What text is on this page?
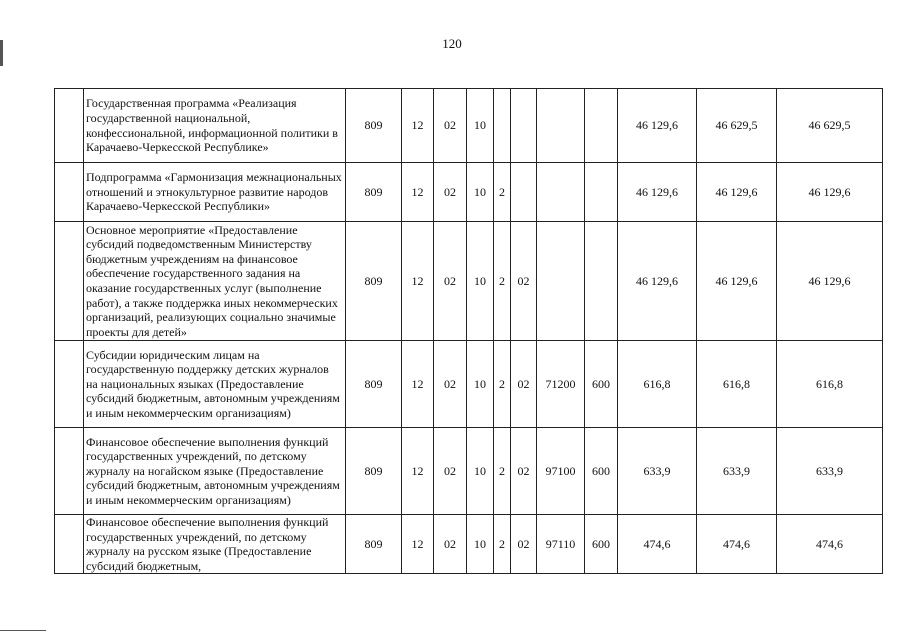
120
	Государственная программа «Реализация государственной национальной, конфессиональной, информационной политики в Карачаево-Черкесской Республике»	809	12	02	10					46 129,6	46 629,5	46 629,5
	Подпрограмма «Гармонизация межнациональных отношений и этнокультурное развитие народов Карачаево-Черкесской Республики»	809	12	02	10	2				46 129,6	46 129,6	46 129,6
	Основное мероприятие «Предоставление субсидий подведомственным Министерству бюджетным учреждениям на финансовое обеспечение государственного задания на оказание государственных услуг (выполнение работ), а также поддержка иных некоммерческих организаций, реализующих социально значимые проекты для детей»	809	12	02	10	2	02			46 129,6	46 129,6	46 129,6
	Субсидии юридическим лицам на государственную поддержку детских журналов на национальных языках (Предоставление субсидий бюджетным, автономным учреждениям и иным некоммерческим организациям)	809	12	02	10	2	02	71200	600	616,8	616,8	616,8
	Финансовое обеспечение выполнения функций государственных учреждений, по детскому журналу на ногайском языке (Предоставление субсидий бюджетным, автономным учреждениям и иным некоммерческим организациям)	809	12	02	10	2	02	97100	600	633,9	633,9	633,9
	Финансовое обеспечение выполнения функций государственных учреждений, по детскому журналу на русском языке (Предоставление субсидий бюджетным,	809	12	02	10	2	02	97110	600	474,6	474,6	474,6
